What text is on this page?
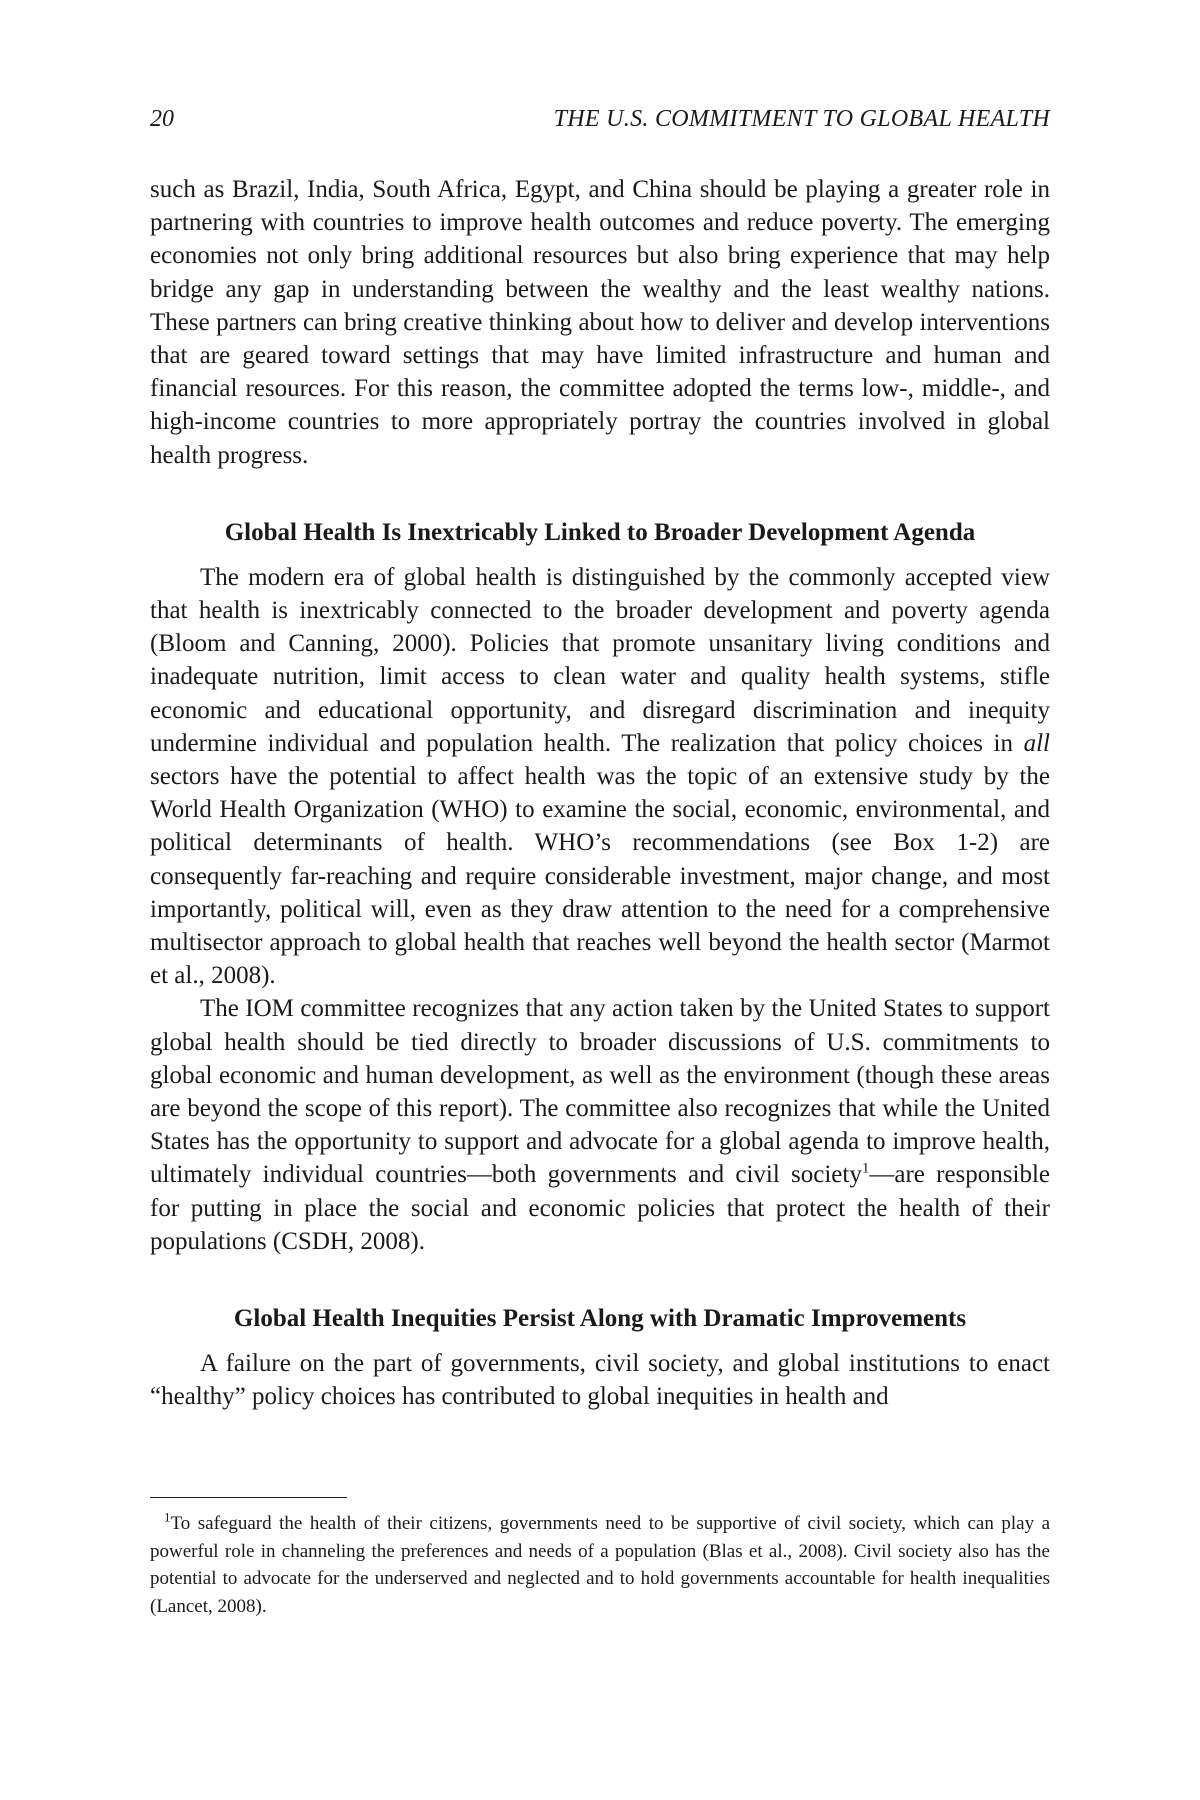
20	THE U.S. COMMITMENT TO GLOBAL HEALTH

such as Brazil, India, South Africa, Egypt, and China should be playing a greater role in partnering with countries to improve health outcomes and reduce poverty. The emerging economies not only bring additional resources but also bring experience that may help bridge any gap in understanding between the wealthy and the least wealthy nations. These partners can bring creative thinking about how to deliver and develop interventions that are geared toward settings that may have limited infrastructure and human and financial resources. For this reason, the committee adopted the terms low-, middle-, and high-income countries to more appropriately portray the countries involved in global health progress.

Global Health Is Inextricably Linked to Broader Development Agenda

The modern era of global health is distinguished by the commonly accepted view that health is inextricably connected to the broader development and poverty agenda (Bloom and Canning, 2000). Policies that promote unsanitary living conditions and inadequate nutrition, limit access to clean water and quality health systems, stifle economic and educational opportunity, and disregard discrimination and inequity undermine individual and population health. The realization that policy choices in all sectors have the potential to affect health was the topic of an extensive study by the World Health Organization (WHO) to examine the social, economic, environmental, and political determinants of health. WHO’s recommendations (see Box 1-2) are consequently far-reaching and require considerable investment, major change, and most importantly, political will, even as they draw attention to the need for a comprehensive multisector approach to global health that reaches well beyond the health sector (Marmot et al., 2008).

The IOM committee recognizes that any action taken by the United States to support global health should be tied directly to broader discussions of U.S. commitments to global economic and human development, as well as the environment (though these areas are beyond the scope of this report). The committee also recognizes that while the United States has the opportunity to support and advocate for a global agenda to improve health, ultimately individual countries—both governments and civil society$^1$—are responsible for putting in place the social and economic policies that protect the health of their populations (CSDH, 2008).

Global Health Inequities Persist Along with Dramatic Improvements

A failure on the part of governments, civil society, and global institutions to enact “healthy” policy choices has contributed to global inequities in health and

$^1$To safeguard the health of their citizens, governments need to be supportive of civil society, which can play a powerful role in channeling the preferences and needs of a population (Blas et al., 2008). Civil society also has the potential to advocate for the underserved and neglected and to hold governments accountable for health inequalities (Lancet, 2008).
